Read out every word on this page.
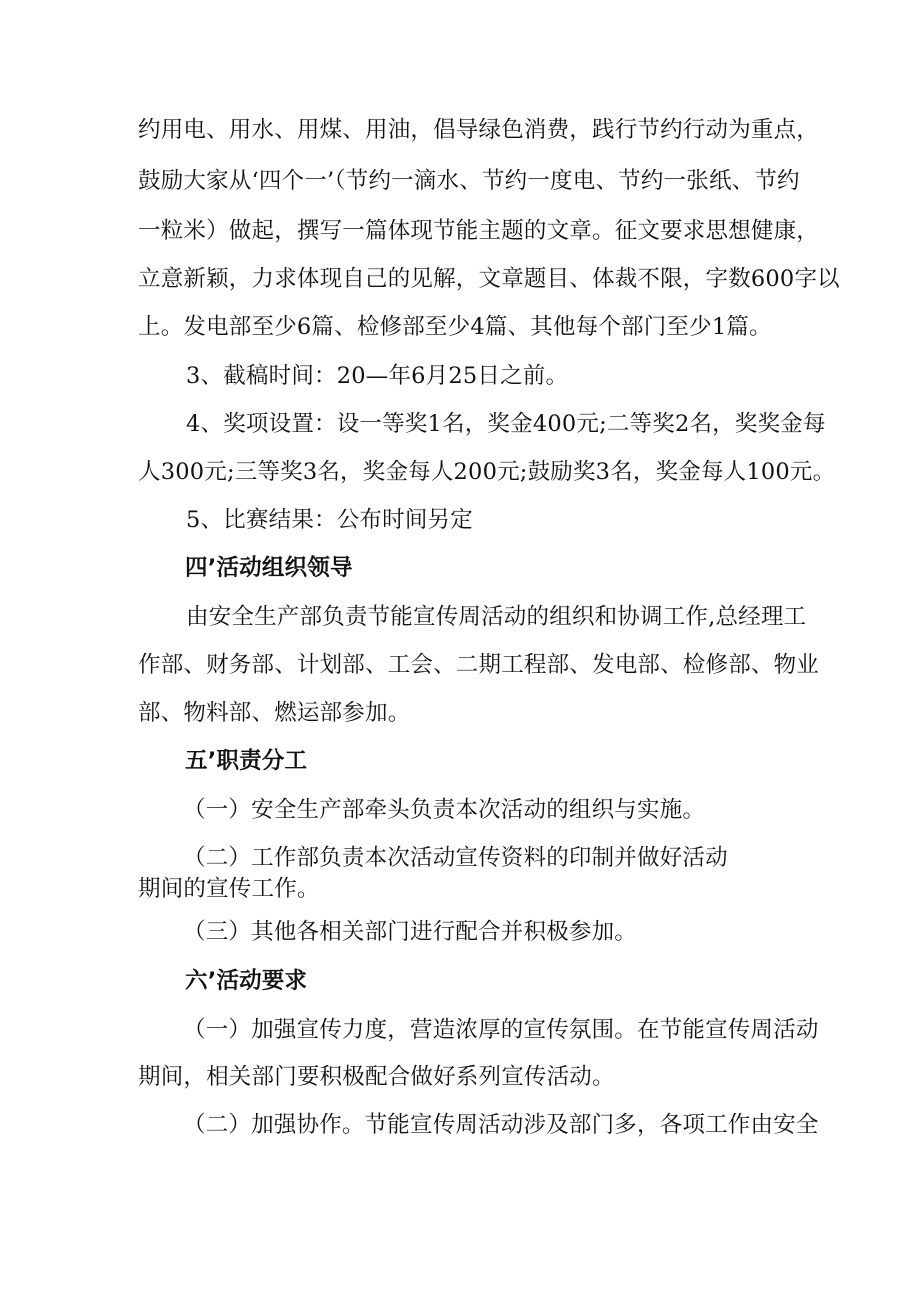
约用电、用水、用煤、用油，倡导绿色消费，践行节约行动为重点，
鼓励大家从‘四个一’（节约一滴水、节约一度电、节约一张纸、节约
一粒米）做起，撰写一篇体现节能主题的文章。征文要求思想健康，
立意新颖，力求体现自己的见解，文章题目、体裁不限，字数600字以
上。发电部至少6篇、检修部至少4篇、其他每个部门至少1篇。
3、截稿时间：20—年6月25日之前。
4、奖项设置：设一等奖1名，奖金400元;二等奖2名，奖奖金每
人300元;三等奖3名，奖金每人200元;鼓励奖3名，奖金每人100元。
5、比赛结果：公布时间另定
四’活动组织领导
由安全生产部负责节能宣传周活动的组织和协调工作,总经理工
作部、财务部、计划部、工会、二期工程部、发电部、检修部、物业
部、物料部、燃运部参加。
五’职责分工
（一）安全生产部牵头负责本次活动的组织与实施。
（二）工作部负责本次活动宣传资料的印制并做好活动
期间的宣传工作。
（三）其他各相关部门进行配合并积极参加。
六’活动要求
（一）加强宣传力度，营造浓厚的宣传氛围。在节能宣传周活动
期间，相关部门要积极配合做好系列宣传活动。
（二）加强协作。节能宣传周活动涉及部门多，各项工作由安全
